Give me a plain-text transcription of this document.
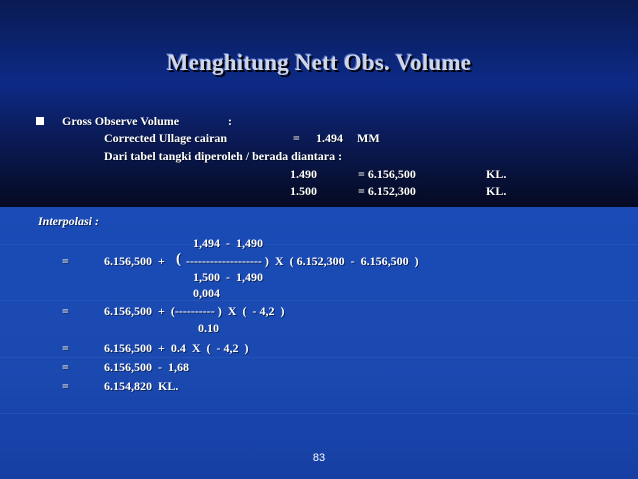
Menghitung Nett Obs. Volume
Gross Observe Volume	:
Corrected Ullage cairan	= 1.494 MM
Dari tabel tangki diperoleh / berada diantara :
1.490	= 6.156,500	KL.
1.500	= 6.152,300	KL.
Interpolasi :
1,494  -  1,490
=	6.156,500  + ( ------------------- )  X  ( 6.152,300  -  6.156,500  )
1,500  -  1,490
0,004
=	6.156,500  +  (---------- )  X  (  - 4,2  )
0.10
=	6.156,500  +  0.4  X  (  - 4,2  )
=	6.156,500  -  1,68
=	6.154,820  KL.
83
